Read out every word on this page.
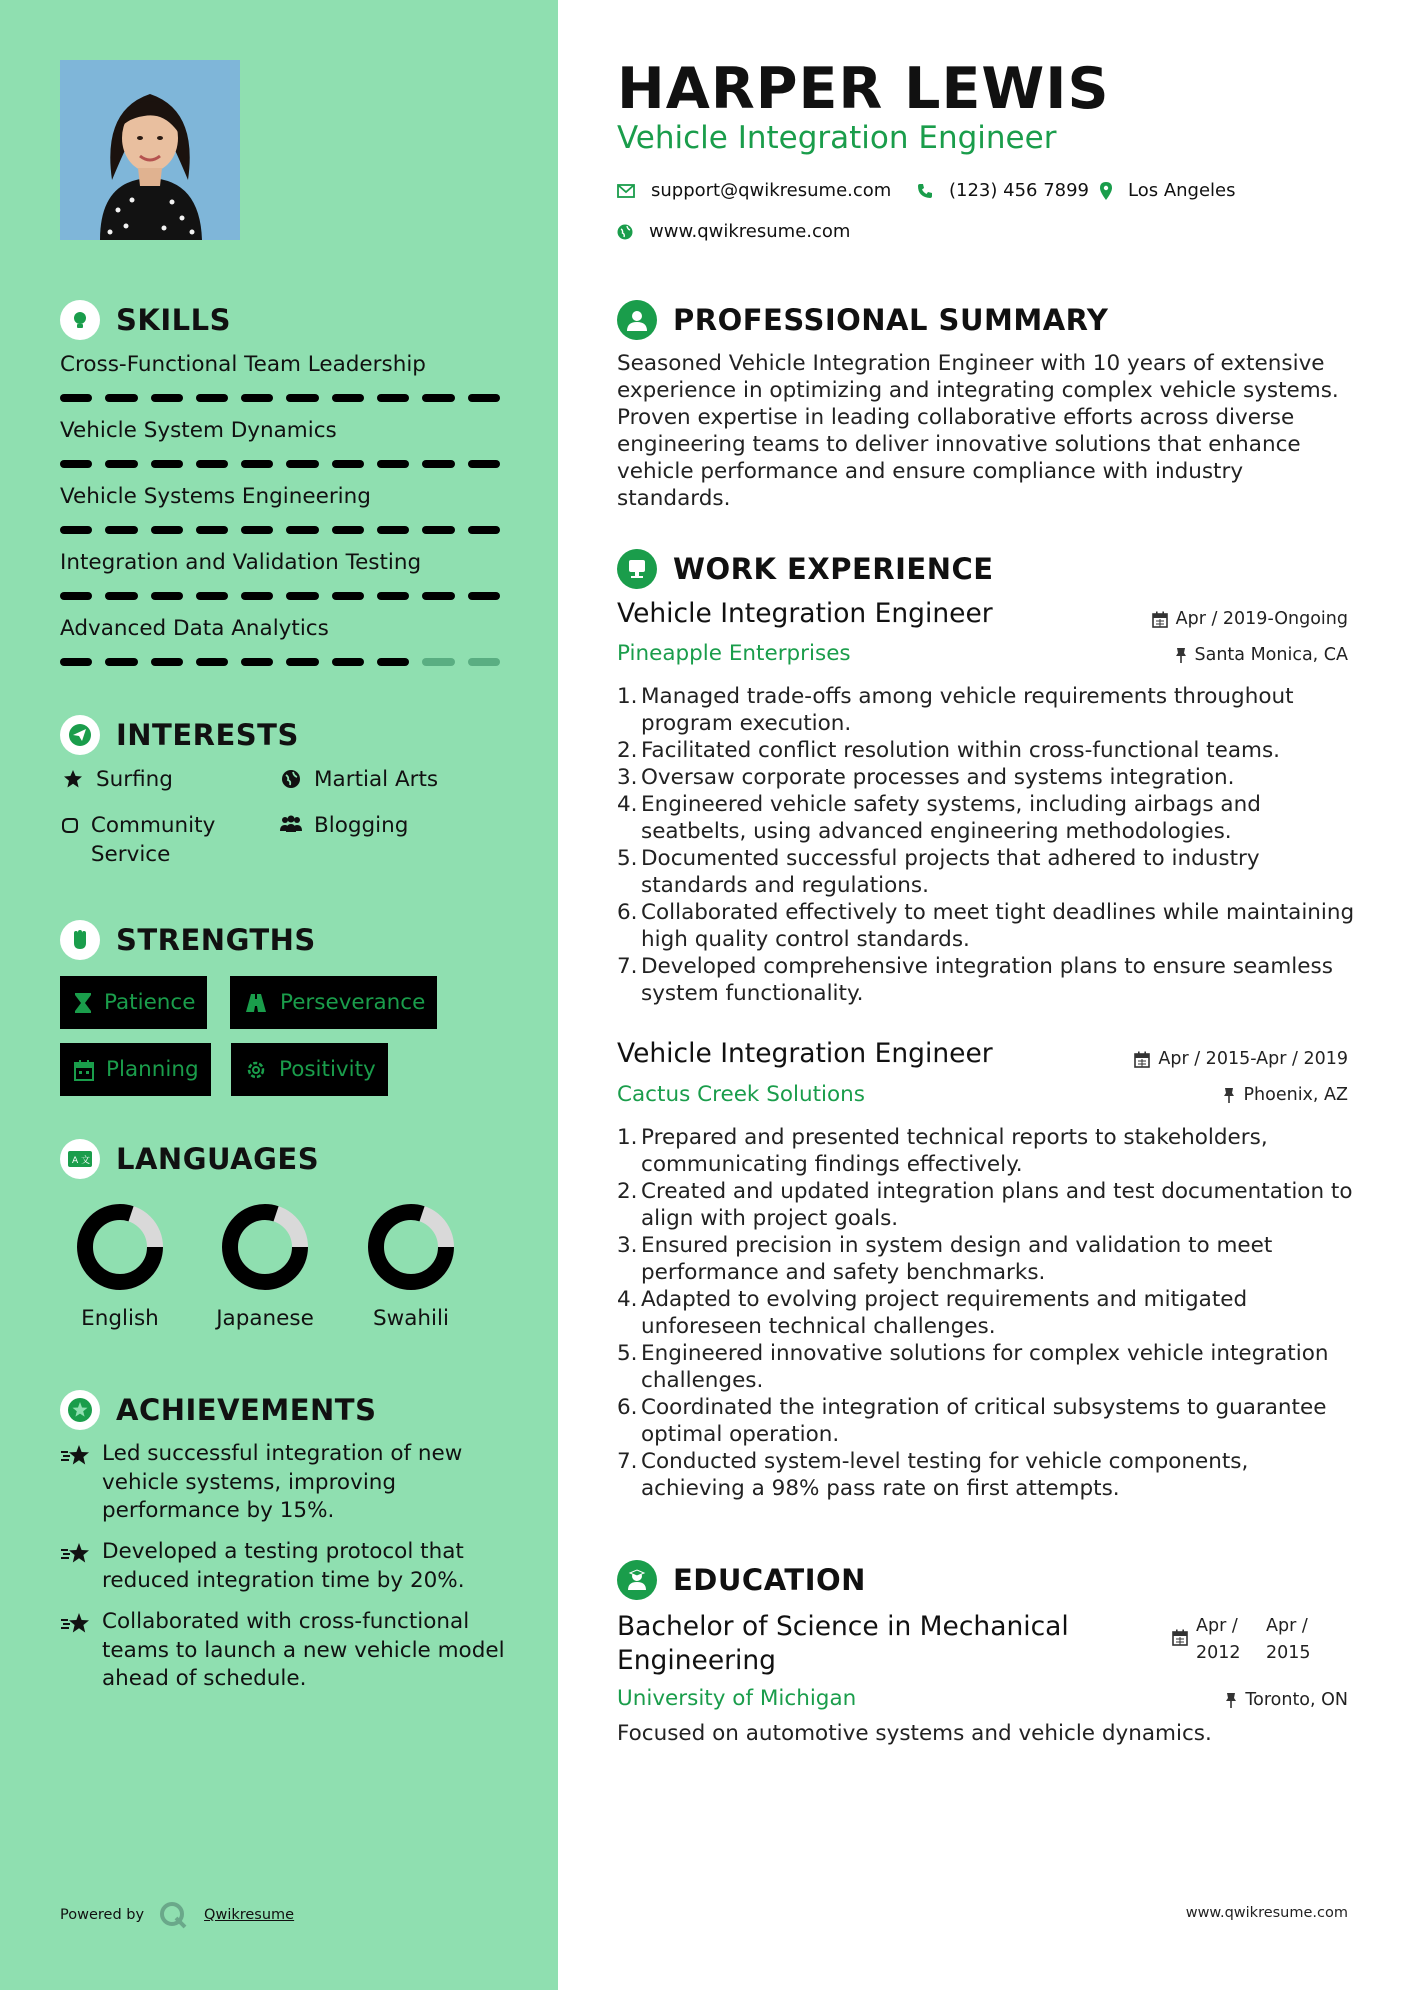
SKILLS
Cross-Functional Team Leadership
Vehicle System Dynamics
Vehicle Systems Engineering
Integration and Validation Testing
Advanced Data Analytics
INTERESTS
Surfing	Martial Arts
Community Service
Blogging
STRENGTHS
Patience	Perseverance
Planning	Positivity
A 文 LANGUAGES
English	Japanese	Swahili
ACHIEVEMENTS
Led successful integration of new vehicle systems, improving performance by 15%.
Developed a testing protocol that reduced integration time by 20%.
Collaborated with cross-functional teams to launch a new vehicle model ahead of schedule.
Powered by	Qwikresume
HARPER LEWIS
Vehicle Integration Engineer
support@qwikresume.com	(123) 456 7899 Los Angeles
www.qwikresume.com
PROFESSIONAL SUMMARY
Seasoned Vehicle Integration Engineer with 10 years of extensive experience in optimizing and integrating complex vehicle systems. Proven expertise in leading collaborative efforts across diverse engineering teams to deliver innovative solutions that enhance vehicle performance and ensure compliance with industry standards.
WORK EXPERIENCE
Vehicle Integration Engineer
Pineapple Enterprises
Apr / 2019-Ongoing
Santa Monica, CA
1. Managed trade-offs among vehicle requirements throughout program execution.
2. Facilitated conflict resolution within cross-functional teams.
3. Oversaw corporate processes and systems integration.
4. Engineered vehicle safety systems, including airbags and seatbelts, using advanced engineering methodologies.
5. Documented successful projects that adhered to industry standards and regulations.
6. Collaborated effectively to meet tight deadlines while maintaining high quality control standards.
7. Developed comprehensive integration plans to ensure seamless system functionality.
Vehicle Integration Engineer
Cactus Creek Solutions
Apr / 2015-Apr / 2019
Phoenix, AZ
1. Prepared and presented technical reports to stakeholders, communicating findings effectively.
2. Created and updated integration plans and test documentation to align with project goals.
3. Ensured precision in system design and validation to meet performance and safety benchmarks.
4. Adapted to evolving project requirements and mitigated unforeseen technical challenges.
5. Engineered innovative solutions for complex vehicle integration challenges.
6. Coordinated the integration of critical subsystems to guarantee optimal operation.
7. Conducted system-level testing for vehicle components, achieving a 98% pass rate on first attempts.
EDUCATION
Bachelor of Science in Mechanical Engineering
Apr / 2012
Apr / 2015
University of Michigan	Toronto, ON
Focused on automotive systems and vehicle dynamics.
www.qwikresume.com
